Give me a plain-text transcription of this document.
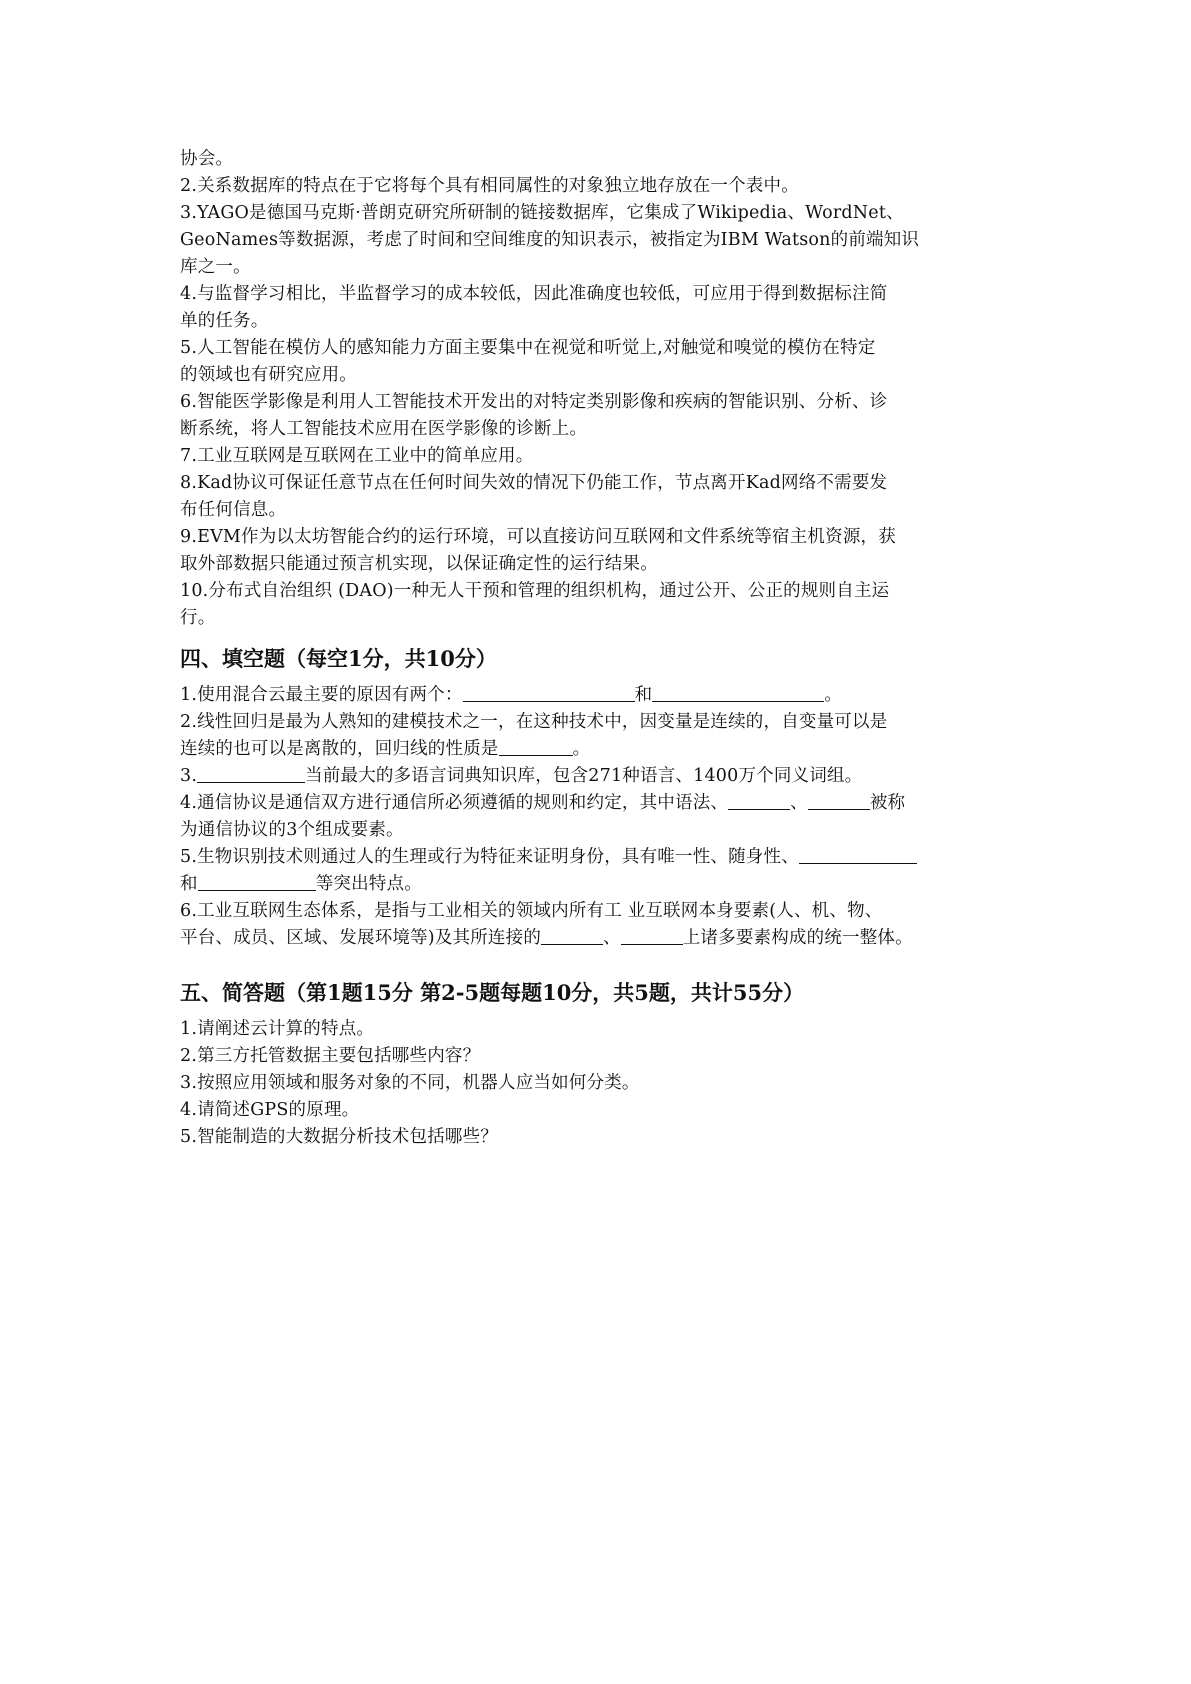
协会。
2.关系数据库的特点在于它将每个具有相同属性的对象独立地存放在一个表中。
3.YAGO是德国马克斯·普朗克研究所研制的链接数据库，它集成了Wikipedia、WordNet、
GeoNames等数据源，考虑了时间和空间维度的知识表示，被指定为IBM Watson的前端知识
库之一。
4.与监督学习相比，半监督学习的成本较低，因此准确度也较低，可应用于得到数据标注简
单的任务。
5.人工智能在模仿人的感知能力方面主要集中在视觉和听觉上,对触觉和嗅觉的模仿在特定
的领域也有研究应用。
6.智能医学影像是利用人工智能技术开发出的对特定类别影像和疾病的智能识别、分析、诊
断系统，将人工智能技术应用在医学影像的诊断上。
7.工业互联网是互联网在工业中的简单应用。
8.Kad协议可保证任意节点在任何时间失效的情况下仍能工作，节点离开Kad网络不需要发
布任何信息。
9.EVM作为以太坊智能合约的运行环境，可以直接访问互联网和文件系统等宿主机资源，获
取外部数据只能通过预言机实现，以保证确定性的运行结果。
10.分布式自治组织 (DAO)一种无人干预和管理的组织机构，通过公开、公正的规则自主运
行。
四、填空题（每空1分，共10分）
1.使用混合云最主要的原因有两个：	和	。
2.线性回归是最为人熟知的建模技术之一，在这种技术中，因变量是连续的，自变量可以是
连续的也可以是离散的，回归线的性质是	。
3.	当前最大的多语言词典知识库，包含271种语言、1400万个同义词组。
4.通信协议是通信双方进行通信所必须遵循的规则和约定，其中语法、	、	被称
为通信协议的3个组成要素。
5.生物识别技术则通过人的生理或行为特征来证明身份，具有唯一性、随身性、
和	等突出特点。
6.工业互联网生态体系，是指与工业相关的领域内所有工 业互联网本身要素(人、机、物、
平台、成员、区域、发展环境等)及其所连接的	、	上诸多要素构成的统一整体。
五、简答题（第1题15分 第2-5题每题10分，共5题，共计55分）
1.请阐述云计算的特点。
2.第三方托管数据主要包括哪些内容？
3.按照应用领域和服务对象的不同，机器人应当如何分类。
4.请简述GPS的原理。
5.智能制造的大数据分析技术包括哪些？
